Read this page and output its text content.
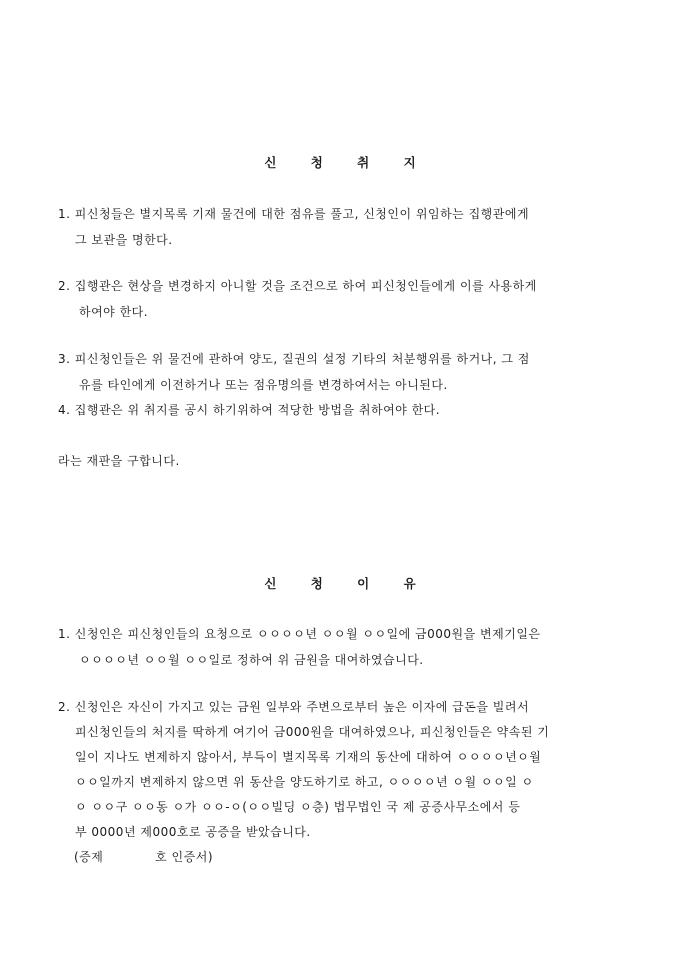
신 청 취 지
1. 피신청들은 별지목록 기재 물건에 대한 점유를 풀고, 신청인이 위임하는 집행관에게
그 보관을 명한다.
2. 집행관은 현상을 변경하지 아니할 것을 조건으로 하여 피신청인들에게 이를 사용하게
하여야 한다.
3. 피신청인들은 위 물건에 관하여 양도, 질권의 설정 기타의 처분행위를 하거나, 그 점
유를 타인에게 이전하거나 또는 점유명의를 변경하여서는 아니된다.
4. 집행관은 위 취지를 공시 하기위하여 적당한 방법을 취하여야 한다.
라는 재판을 구합니다.
신 청 이 유
1. 신청인은 피신청인들의 요청으로 ㅇㅇㅇㅇ년 ㅇㅇ월 ㅇㅇ일에 금000원을 변제기일은
ㅇㅇㅇㅇ년 ㅇㅇ월 ㅇㅇ일로 정하여 위 금원을 대여하였습니다.
2. 신청인은 자신이 가지고 있는 금원 일부와 주변으로부터 높은 이자에 급돈을 빌려서
피신청인들의 처지를 딱하게 여기어 금000원을 대여하였으나, 피신청인들은 약속된 기
일이 지나도 변제하지 않아서, 부득이 별지목록 기재의 동산에 대하여 ㅇㅇㅇㅇ년ㅇ월
ㅇㅇ일까지 변제하지 않으면 위 동산을 양도하기로 하고, ㅇㅇㅇㅇ년 ㅇ월 ㅇㅇ일 ㅇ
ㅇ ㅇㅇ구 ㅇㅇ동 ㅇ가 ㅇㅇ-ㅇ(ㅇㅇ빌딩 ㅇ층) 법무법인 국 제 공증사무소에서 등
부 0000년 제000호로 공증을 받았습니다.
(증제            호 인증서)
